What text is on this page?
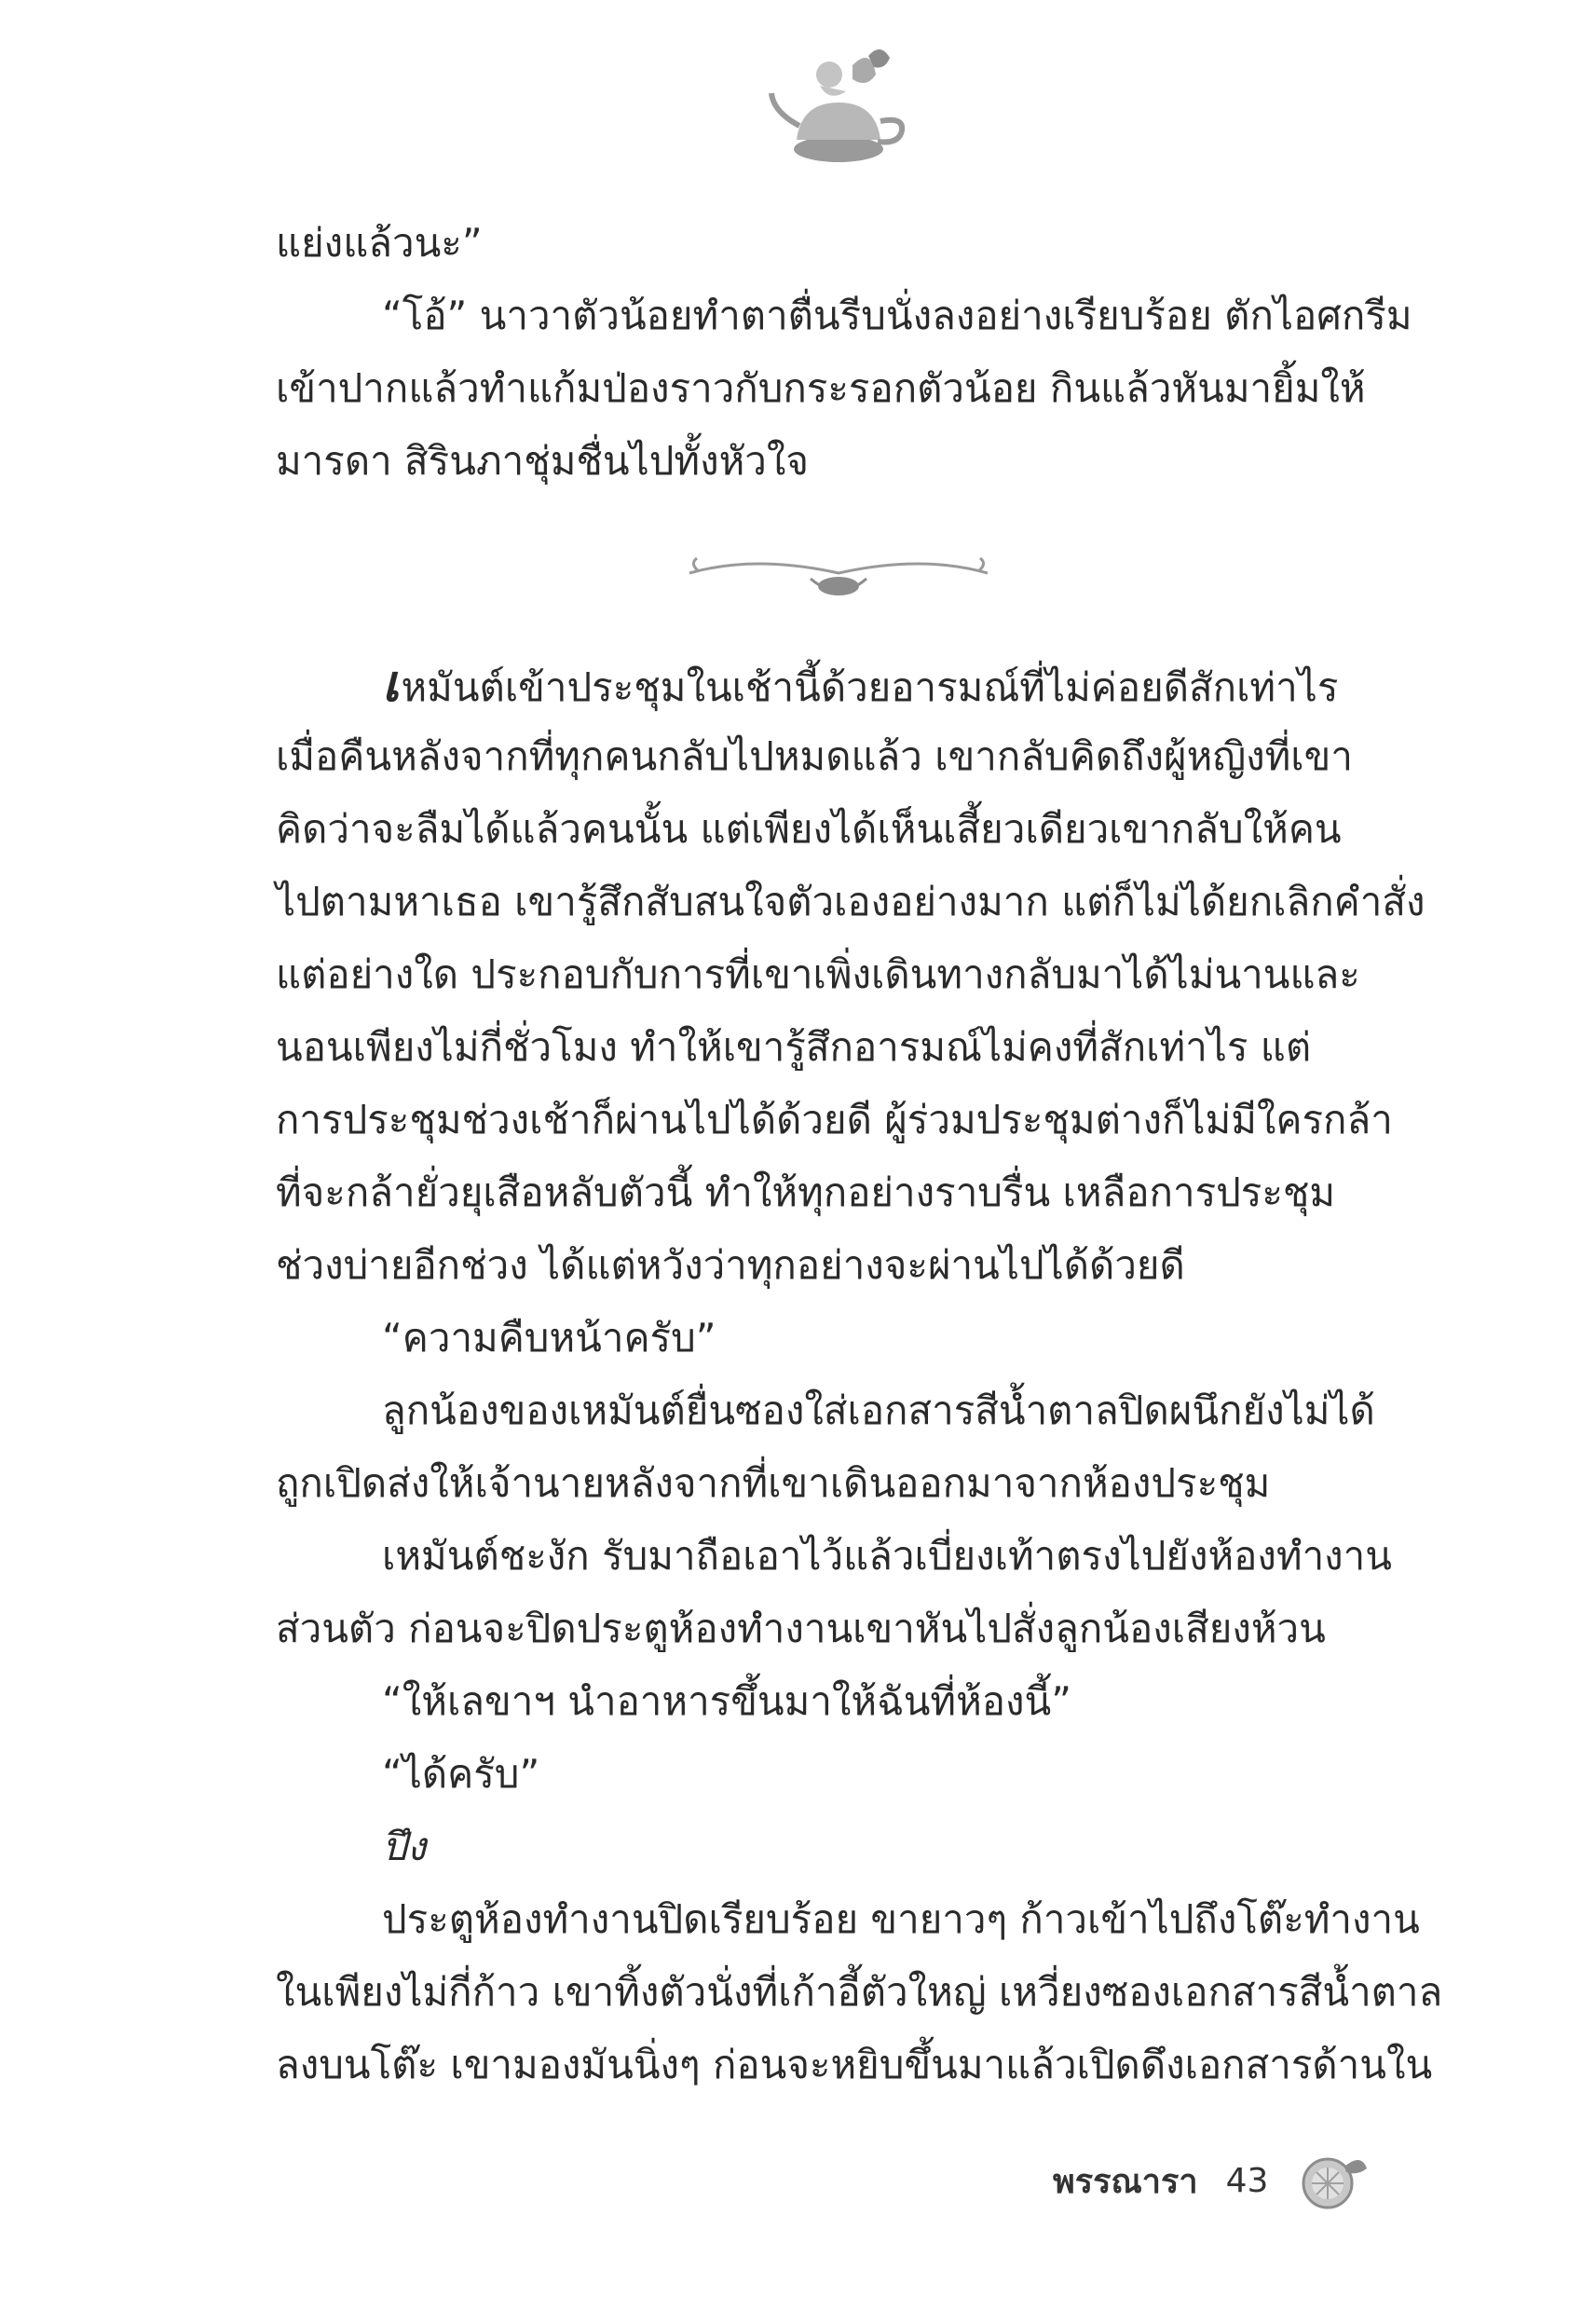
แย่งแล้วนะ”
“โอ้” นาวาตัวน้อยทำตาตื่นรีบนั่งลงอย่างเรียบร้อย ตักไอศกรีม
เข้าปากแล้วทำแก้มป่องราวกับกระรอกตัวน้อย กินแล้วหันมายิ้มให้
มารดา สิรินภาชุ่มชื่นไปทั้งหัวใจ
เหมันต์เข้าประชุมในเช้านี้ด้วยอารมณ์ที่ไม่ค่อยดีสักเท่าไร
เมื่อคืนหลังจากที่ทุกคนกลับไปหมดแล้ว เขากลับคิดถึงผู้หญิงที่เขา
คิดว่าจะลืมได้แล้วคนนั้น แต่เพียงได้เห็นเสี้ยวเดียวเขากลับให้คน
ไปตามหาเธอ เขารู้สึกสับสนใจตัวเองอย่างมาก แต่ก็ไม่ได้ยกเลิกคำสั่ง
แต่อย่างใด ประกอบกับการที่เขาเพิ่งเดินทางกลับมาได้ไม่นานและ
นอนเพียงไม่กี่ชั่วโมง ทำให้เขารู้สึกอารมณ์ไม่คงที่สักเท่าไร แต่
การประชุมช่วงเช้าก็ผ่านไปได้ด้วยดี ผู้ร่วมประชุมต่างก็ไม่มีใครกล้า
ที่จะกล้ายั่วยุเสือหลับตัวนี้ ทำให้ทุกอย่างราบรื่น เหลือการประชุม
ช่วงบ่ายอีกช่วง ได้แต่หวังว่าทุกอย่างจะผ่านไปได้ด้วยดี
“ความคืบหน้าครับ”
ลูกน้องของเหมันต์ยื่นซองใส่เอกสารสีน้ำตาลปิดผนึกยังไม่ได้
ถูกเปิดส่งให้เจ้านายหลังจากที่เขาเดินออกมาจากห้องประชุม
เหมันต์ชะงัก รับมาถือเอาไว้แล้วเบี่ยงเท้าตรงไปยังห้องทำงาน
ส่วนตัว ก่อนจะปิดประตูห้องทำงานเขาหันไปสั่งลูกน้องเสียงห้วน
“ให้เลขาฯ นำอาหารขึ้นมาให้ฉันที่ห้องนี้”
“ได้ครับ”
ปึง
ประตูห้องทำงานปิดเรียบร้อย ขายาวๆ ก้าวเข้าไปถึงโต๊ะทำงาน
ในเพียงไม่กี่ก้าว เขาทิ้งตัวนั่งที่เก้าอี้ตัวใหญ่ เหวี่ยงซองเอกสารสีน้ำตาล
ลงบนโต๊ะ เขามองมันนิ่งๆ ก่อนจะหยิบขึ้นมาแล้วเปิดดึงเอกสารด้านใน
พรรณารา 43
